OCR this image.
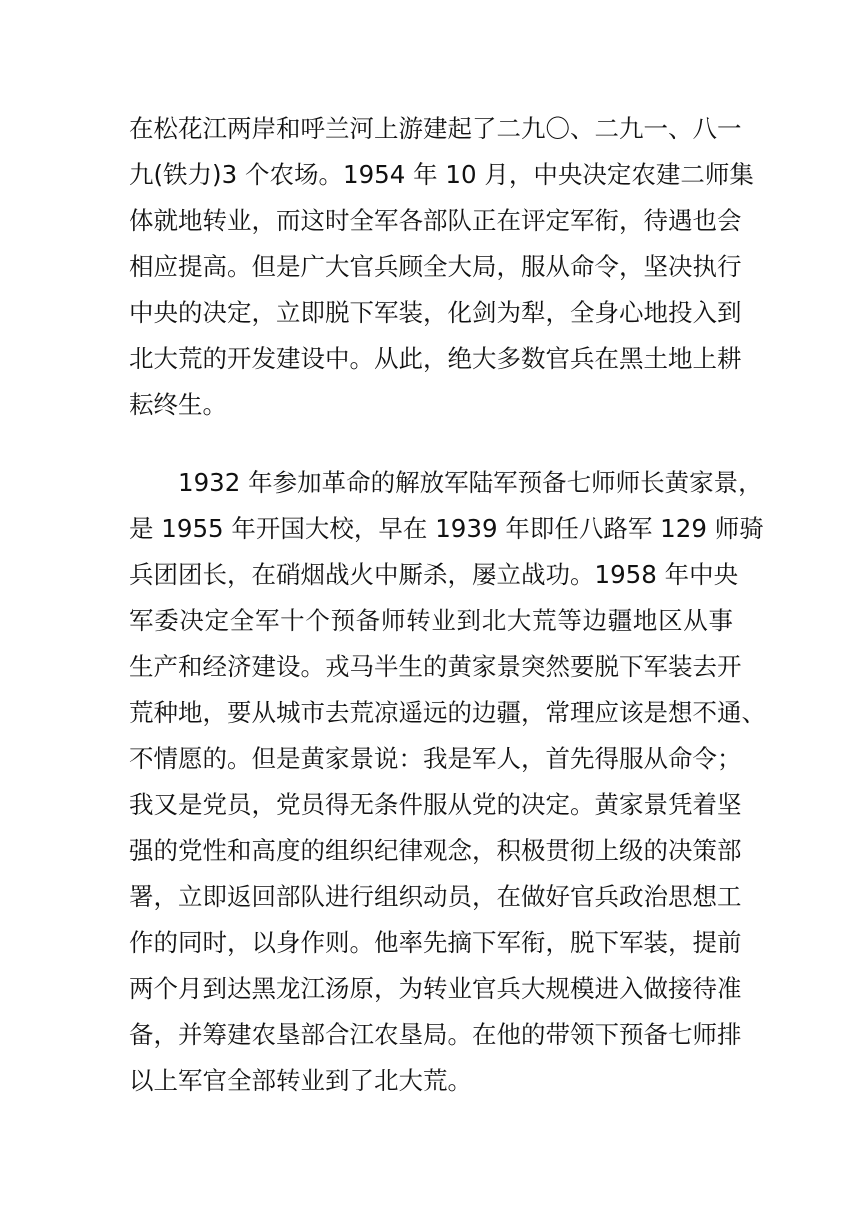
在松花江两岸和呼兰河上游建起了二九〇、二九一、八一
九(铁力)3 个农场。1954 年 10 月，中央决定农建二师集
体就地转业，而这时全军各部队正在评定军衔，待遇也会
相应提高。但是广大官兵顾全大局，服从命令，坚决执行
中央的决定，立即脱下军装，化剑为犁，全身心地投入到
北大荒的开发建设中。从此，绝大多数官兵在黑土地上耕
耘终生。
1932 年参加革命的解放军陆军预备七师师长黄家景，
是 1955 年开国大校，早在 1939 年即任八路军 129 师骑
兵团团长，在硝烟战火中厮杀，屡立战功。1958 年中央
军委决定全军十个预备师转业到北大荒等边疆地区从事
生产和经济建设。戎马半生的黄家景突然要脱下军装去开
荒种地，要从城市去荒凉遥远的边疆，常理应该是想不通、
不情愿的。但是黄家景说：我是军人，首先得服从命令；
我又是党员，党员得无条件服从党的决定。黄家景凭着坚
强的党性和高度的组织纪律观念，积极贯彻上级的决策部
署，立即返回部队进行组织动员，在做好官兵政治思想工
作的同时，以身作则。他率先摘下军衔，脱下军装，提前
两个月到达黑龙江汤原，为转业官兵大规模进入做接待准
备，并筹建农垦部合江农垦局。在他的带领下预备七师排
以上军官全部转业到了北大荒。
